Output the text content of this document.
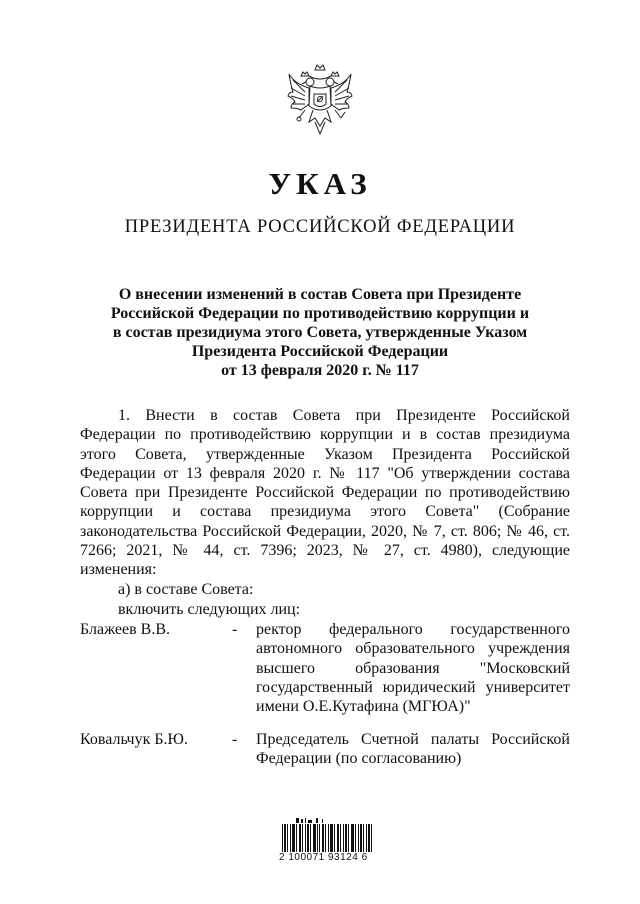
УКАЗ
ПРЕЗИДЕНТА РОССИЙСКОЙ ФЕДЕРАЦИИ
О внесении изменений в состав Совета при Президенте
Российской Федерации по противодействию коррупции и
в состав президиума этого Совета, утвержденные Указом
Президента Российской Федерации
от 13 февраля 2020 г. № 117
1. Внести в состав Совета при Президенте Российской Федерации по противодействию коррупции и в состав президиума этого Совета, утвержденные Указом Президента Российской Федерации от 13 февраля 2020 г. № 117 "Об утверждении состава Совета при Президенте Российской Федерации по противодействию коррупции и состава президиума этого Совета" (Собрание законодательства Российской Федерации, 2020, № 7, ст. 806; № 46, ст. 7266; 2021, № 44, ст. 7396; 2023, № 27, ст. 4980), следующие изменения:
а) в составе Совета:
включить следующих лиц:
Блажеев В.В.	- ректор федерального государственного автономного образовательного учреждения высшего образования "Московский государственный юридический университет имени О.Е.Кутафина (МГЮА)"
Ковальчук Б.Ю.	- Председатель Счетной палаты Российской Федерации (по согласованию)
2 100071 93124 6
